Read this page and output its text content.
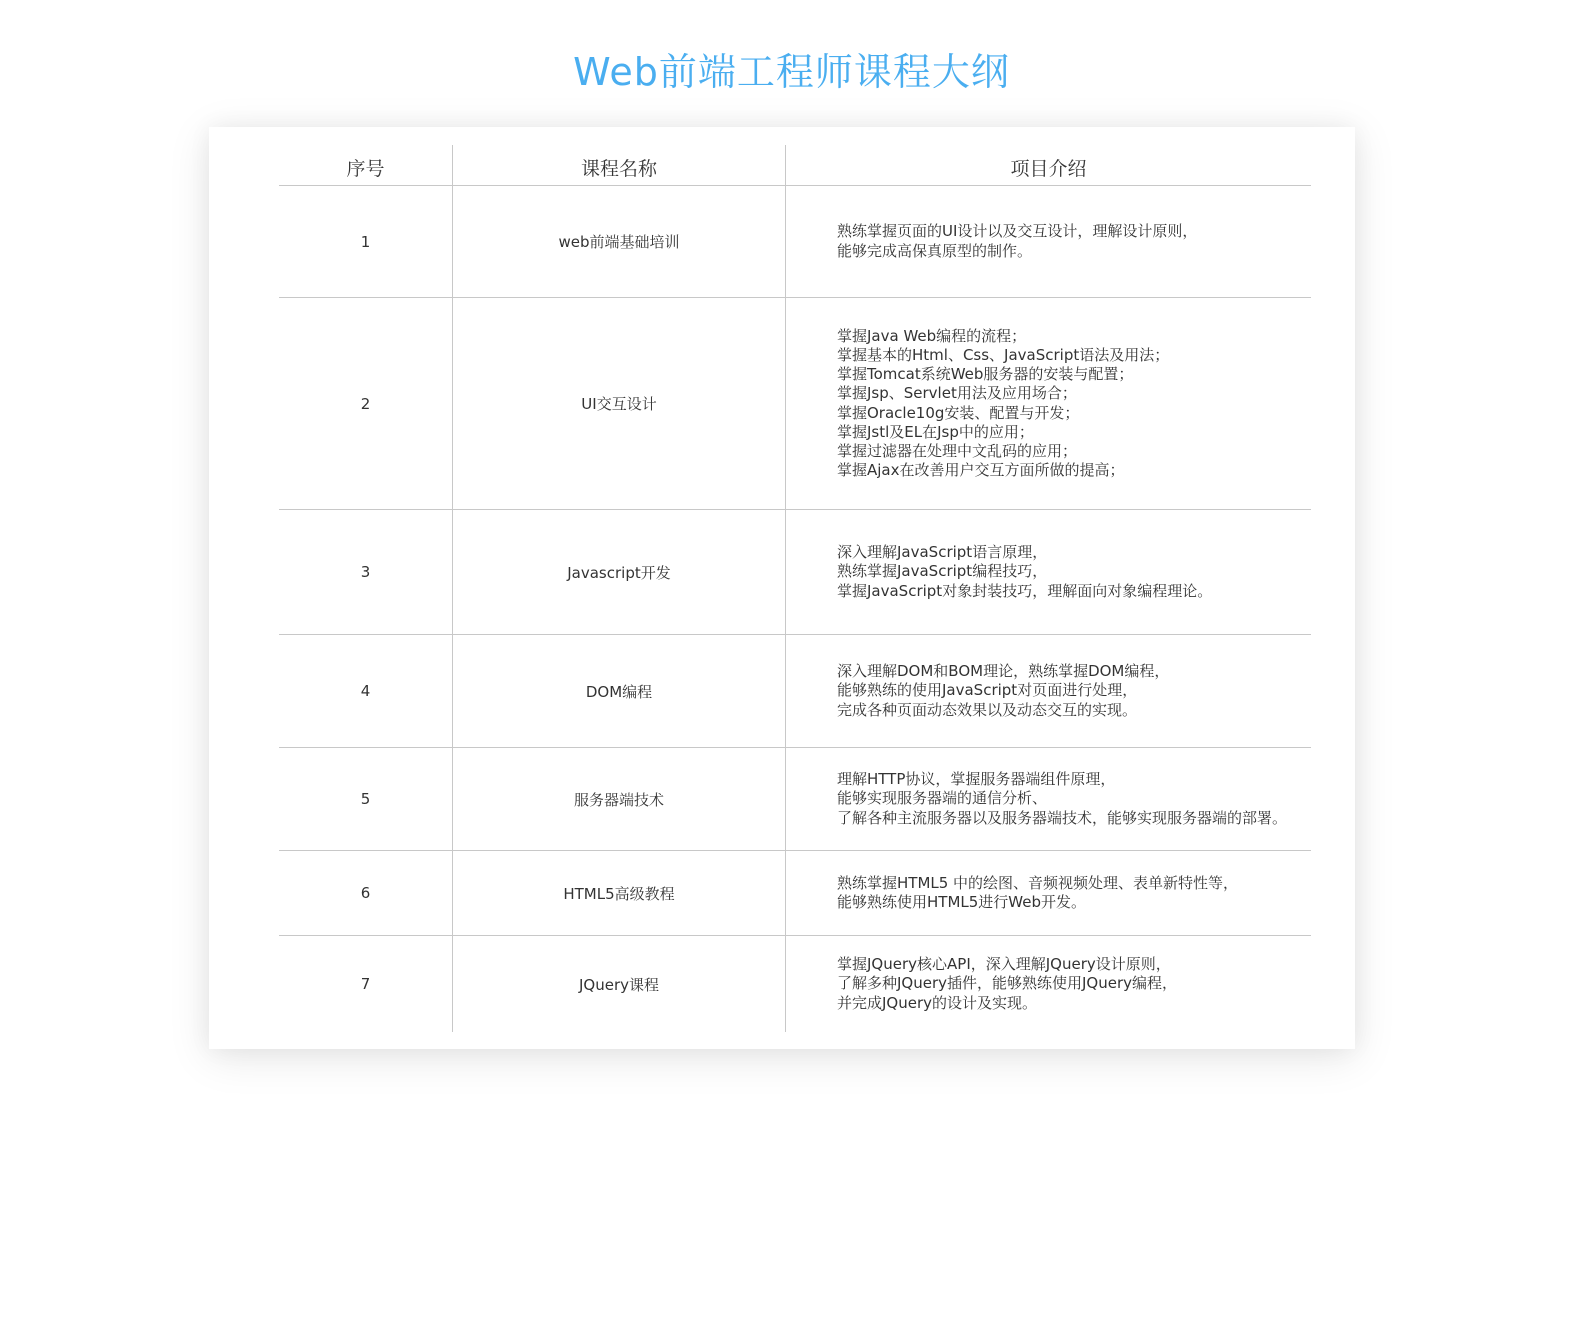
Web前端工程师课程大纲
序号	课程名称	项目介绍
1	web前端基础培训
熟练掌握页面的UI设计以及交互设计，理解设计原则，
能够完成高保真原型的制作。
2	UI交互设计
掌握Java Web编程的流程；
掌握基本的Html、Css、JavaScript语法及用法；
掌握Tomcat系统Web服务器的安装与配置；
掌握Jsp、Servlet用法及应用场合；
掌握Oracle10g安装、配置与开发；
掌握Jstl及EL在Jsp中的应用；
掌握过滤器在处理中文乱码的应用；
掌握Ajax在改善用户交互方面所做的提高；
3	Javascript开发
深入理解JavaScript语言原理，
熟练掌握JavaScript编程技巧，
掌握JavaScript对象封装技巧，理解面向对象编程理论。
4	DOM编程
深入理解DOM和BOM理论，熟练掌握DOM编程，
能够熟练的使用JavaScript对页面进行处理，
完成各种页面动态效果以及动态交互的实现。
5	服务器端技术
理解HTTP协议，掌握服务器端组件原理，
能够实现服务器端的通信分析、
了解各种主流服务器以及服务器端技术，能够实现服务器端的部署。
6	HTML5高级教程
熟练掌握HTML5 中的绘图、音频视频处理、表单新特性等，
能够熟练使用HTML5进行Web开发。
7	JQuery课程
掌握JQuery核心API，深入理解JQuery设计原则，
了解多种JQuery插件，能够熟练使用JQuery编程，
并完成JQuery的设计及实现。
